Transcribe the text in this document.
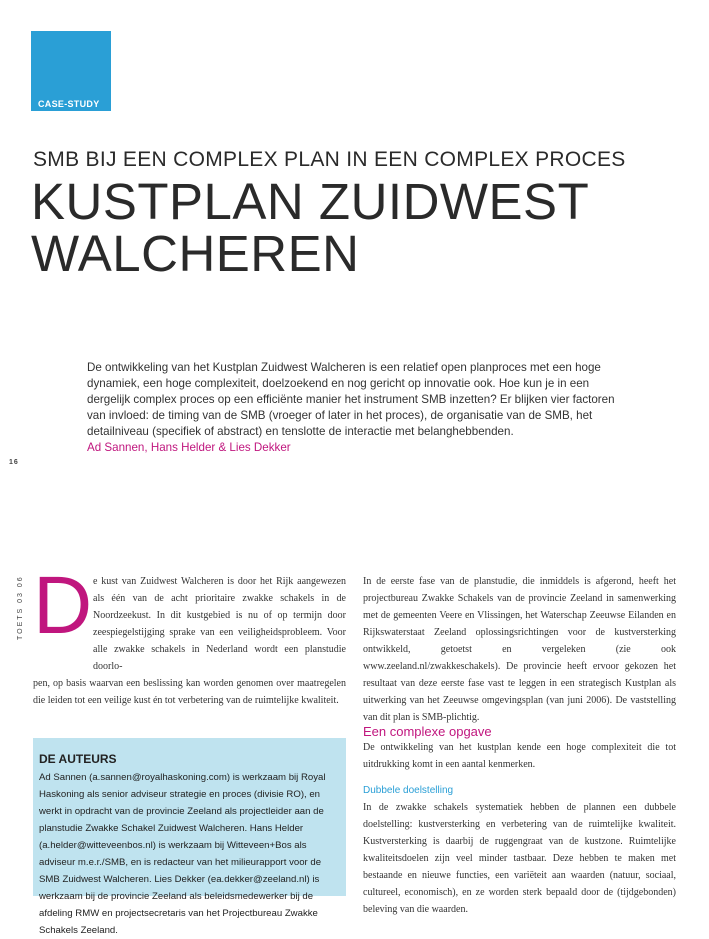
CASE-STUDY
SMB BIJ EEN COMPLEX PLAN IN EEN COMPLEX PROCES
KUSTPLAN ZUIDWEST
WALCHEREN
De ontwikkeling van het Kustplan Zuidwest Walcheren is een relatief open planproces met een hoge dynamiek, een hoge complexiteit, doelzoekend en nog gericht op innovatie ook. Hoe kun je in een dergelijk complex proces op een efficiënte manier het instrument SMB inzetten? Er blijken vier factoren van invloed: de timing van de SMB (vroeger of later in het proces), de organisatie van de SMB, het detailniveau (specifiek of abstract) en tenslotte de interactie met belanghebbenden.
Ad Sannen, Hans Helder & Lies Dekker
16
TOETS 03 06 D e kust van Zuidwest Walcheren is door het Rijk aangewezen als één van de acht prioritaire zwakke schakels in de Noordzeekust. In dit kustgebied is nu of op termijn door zeespiegelstijging sprake van een veiligheidsprobleem. Voor alle zwakke schakels in Nederland wordt een planstudie doorlo-
pen, op basis waarvan een beslissing kan worden genomen over maatregelen die leiden tot een veilige kust én tot verbetering van de ruimtelijke kwaliteit.
In de eerste fase van de planstudie, die inmiddels is afgerond, heeft het projectbureau Zwakke Schakels van de provincie Zeeland in samenwerking met de gemeenten Veere en Vlissingen, het Waterschap Zeeuwse Eilanden en Rijkswaterstaat Zeeland oplossingsrichtingen voor de kustversterking ontwikkeld, getoetst en vergeleken (zie ook www.zeeland.nl/zwakkeschakels). De provincie heeft ervoor gekozen het resultaat van deze eerste fase vast te leggen in een strategisch Kustplan als uitwerking van het Zeeuwse omgevingsplan (van juni 2006). De vaststelling van dit plan is SMB-plichtig.
Een complexe opgave
De ontwikkeling van het kustplan kende een hoge complexiteit die tot uitdrukking komt in een aantal kenmerken.
Dubbele doelstelling
In de zwakke schakels systematiek hebben de plannen een dubbele doelstelling: kustversterking en verbetering van de ruimtelijke kwaliteit. Kustversterking is daarbij de ruggengraat van de kustzone. Ruimtelijke kwaliteitsdoelen zijn veel minder tastbaar. Deze hebben te maken met bestaande en nieuwe functies, een variëteit aan waarden (natuur, sociaal, cultureel, economisch), en ze worden sterk bepaald door de (tijdgebonden) beleving van die waarden.
DE AUTEURS
Ad Sannen (a.sannen@royalhaskoning.com) is werkzaam bij Royal Haskoning als senior adviseur strategie en proces (divisie RO), en werkt in opdracht van de provincie Zeeland als projectleider aan de planstudie Zwakke Schakel Zuidwest Walcheren. Hans Helder (a.helder@witteveenbos.nl) is werkzaam bij Witteveen+Bos als adviseur m.e.r./SMB, en is redacteur van het milieurapport voor de SMB Zuidwest Walcheren. Lies Dekker (ea.dekker@zeeland.nl) is werkzaam bij de provincie Zeeland als beleidsmedewerker bij de afdeling RMW en projectsecretaris van het Projectbureau Zwakke Schakels Zeeland.
